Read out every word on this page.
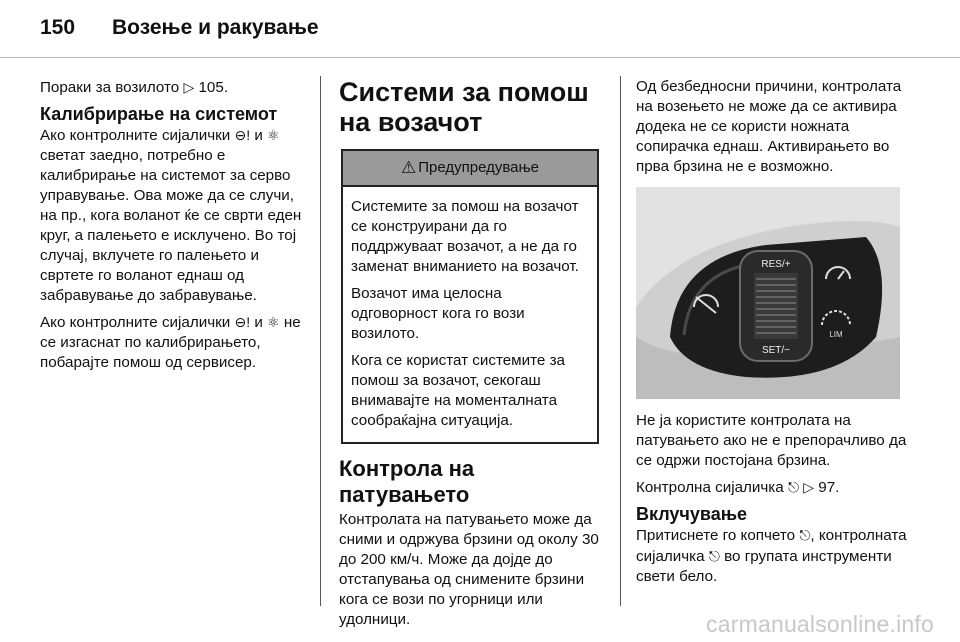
150	Возење и ракување

Пораки за возилото ▷ 105.

Калибрирање на системот

Ако контролните сијалички ⊖! и ⚛ светат заедно, потребно е калибрирање на системот за серво управување. Ова може да се случи, на пр., кога воланот ќе се сврти еден круг, а палењето е исклучено. Во тој случај, вклучете го палењето и свртете го воланот еднаш од забравување до забравување.

Ако контролните сијалички ⊖! и ⚛ не се изгаснат по калибрирањето, побарајте помош од сервисер.

Системи за помош на возачот
⚠ Предупредување

Системите за помош на возачот се конструирани да го поддржуваат возачот, а не да го заменат вниманието на возачот.

Возачот има целосна одговорност кога го вози возилото.

Кога се користат системите за помош за возачот, секогаш внимавајте на моменталната сообраќајна ситуација.

Контрола на патувањето

Контролата на патувањето може да сними и одржува брзини од околу 30 до 200 км/ч. Може да дојде до отстапувања од снимените брзини кога се вози по угорници или удолници.

Од безбедносни причини, контролата на возењето не може да се активира додека не се користи ножната сопирачка еднаш. Активирањето во прва брзина не е возможно.

RES/+
SET/−
LIM

Не ја користите контролата на патувањето ако не е препорачливо да се одржи постојана брзина.

Контролна сијаличка ⎋ ▷ 97.

Вклучување

Притиснете го копчето ⎋, контролната сијаличка ⎋ во групата инструменти свети бело.

carmanualsonline.info
